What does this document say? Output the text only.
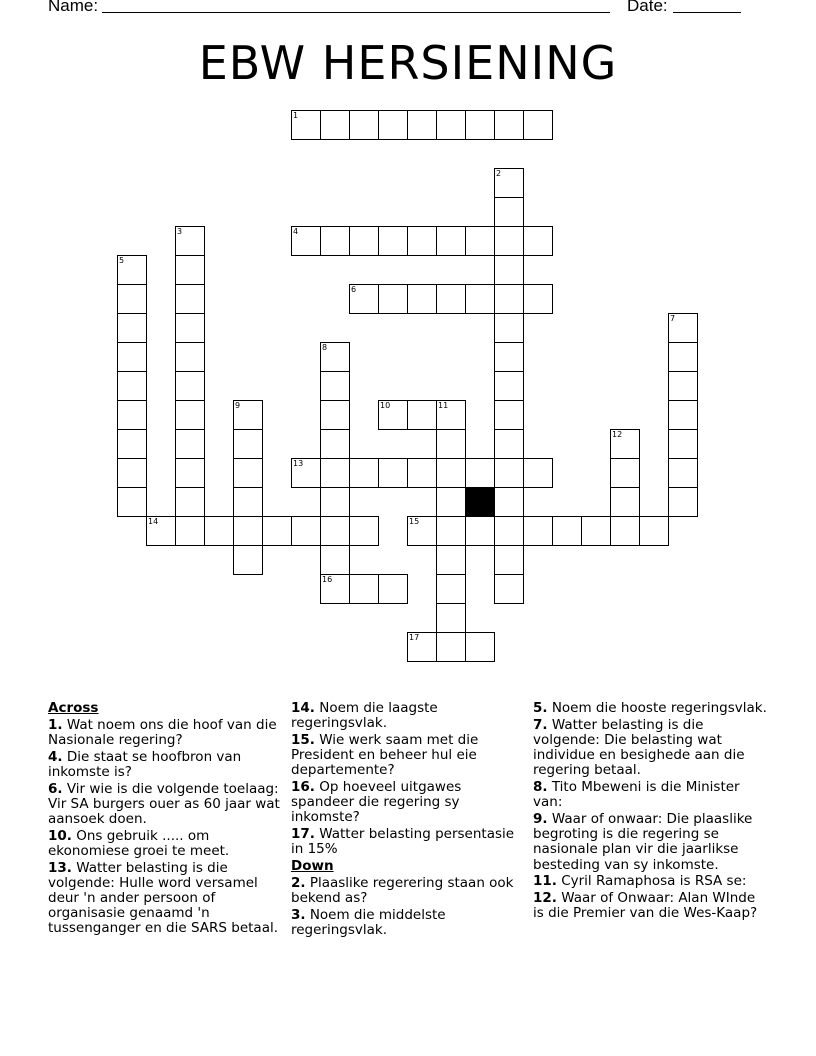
Name:	Date:
EBW HERSIENING
1
4
6
10	11
13
14	15
16
17
2
3
5
7
8
9
12
Across
1. Wat noem ons die hoof van die Nasionale regering?
4. Die staat se hoofbron van inkomste is?
6. Vir wie is die volgende toelaag: Vir SA burgers ouer as 60 jaar wat aansoek doen.
10. Ons gebruik ..... om ekonomiese groei te meet.
13. Watter belasting is die volgende: Hulle word versamel deur 'n ander persoon of organisasie genaamd 'n tussenganger en die SARS betaal.
14. Noem die laagste regeringsvlak.
15. Wie werk saam met die President en beheer hul eie departemente?
16. Op hoeveel uitgawes spandeer die regering sy inkomste?
17. Watter belasting persentasie in 15%
Down
2. Plaaslike regerering staan ook bekend as?
3. Noem die middelste regeringsvlak.
5. Noem die hooste regeringsvlak.
7. Watter belasting is die volgende: Die belasting wat individue en besighede aan die regering betaal.
8. Tito Mbeweni is die Minister van:
9. Waar of onwaar: Die plaaslike begroting is die regering se nasionale plan vir die jaarlikse besteding van sy inkomste.
11. Cyril Ramaphosa is RSA se:
12. Waar of Onwaar: Alan WInde is die Premier van die Wes-Kaap?
